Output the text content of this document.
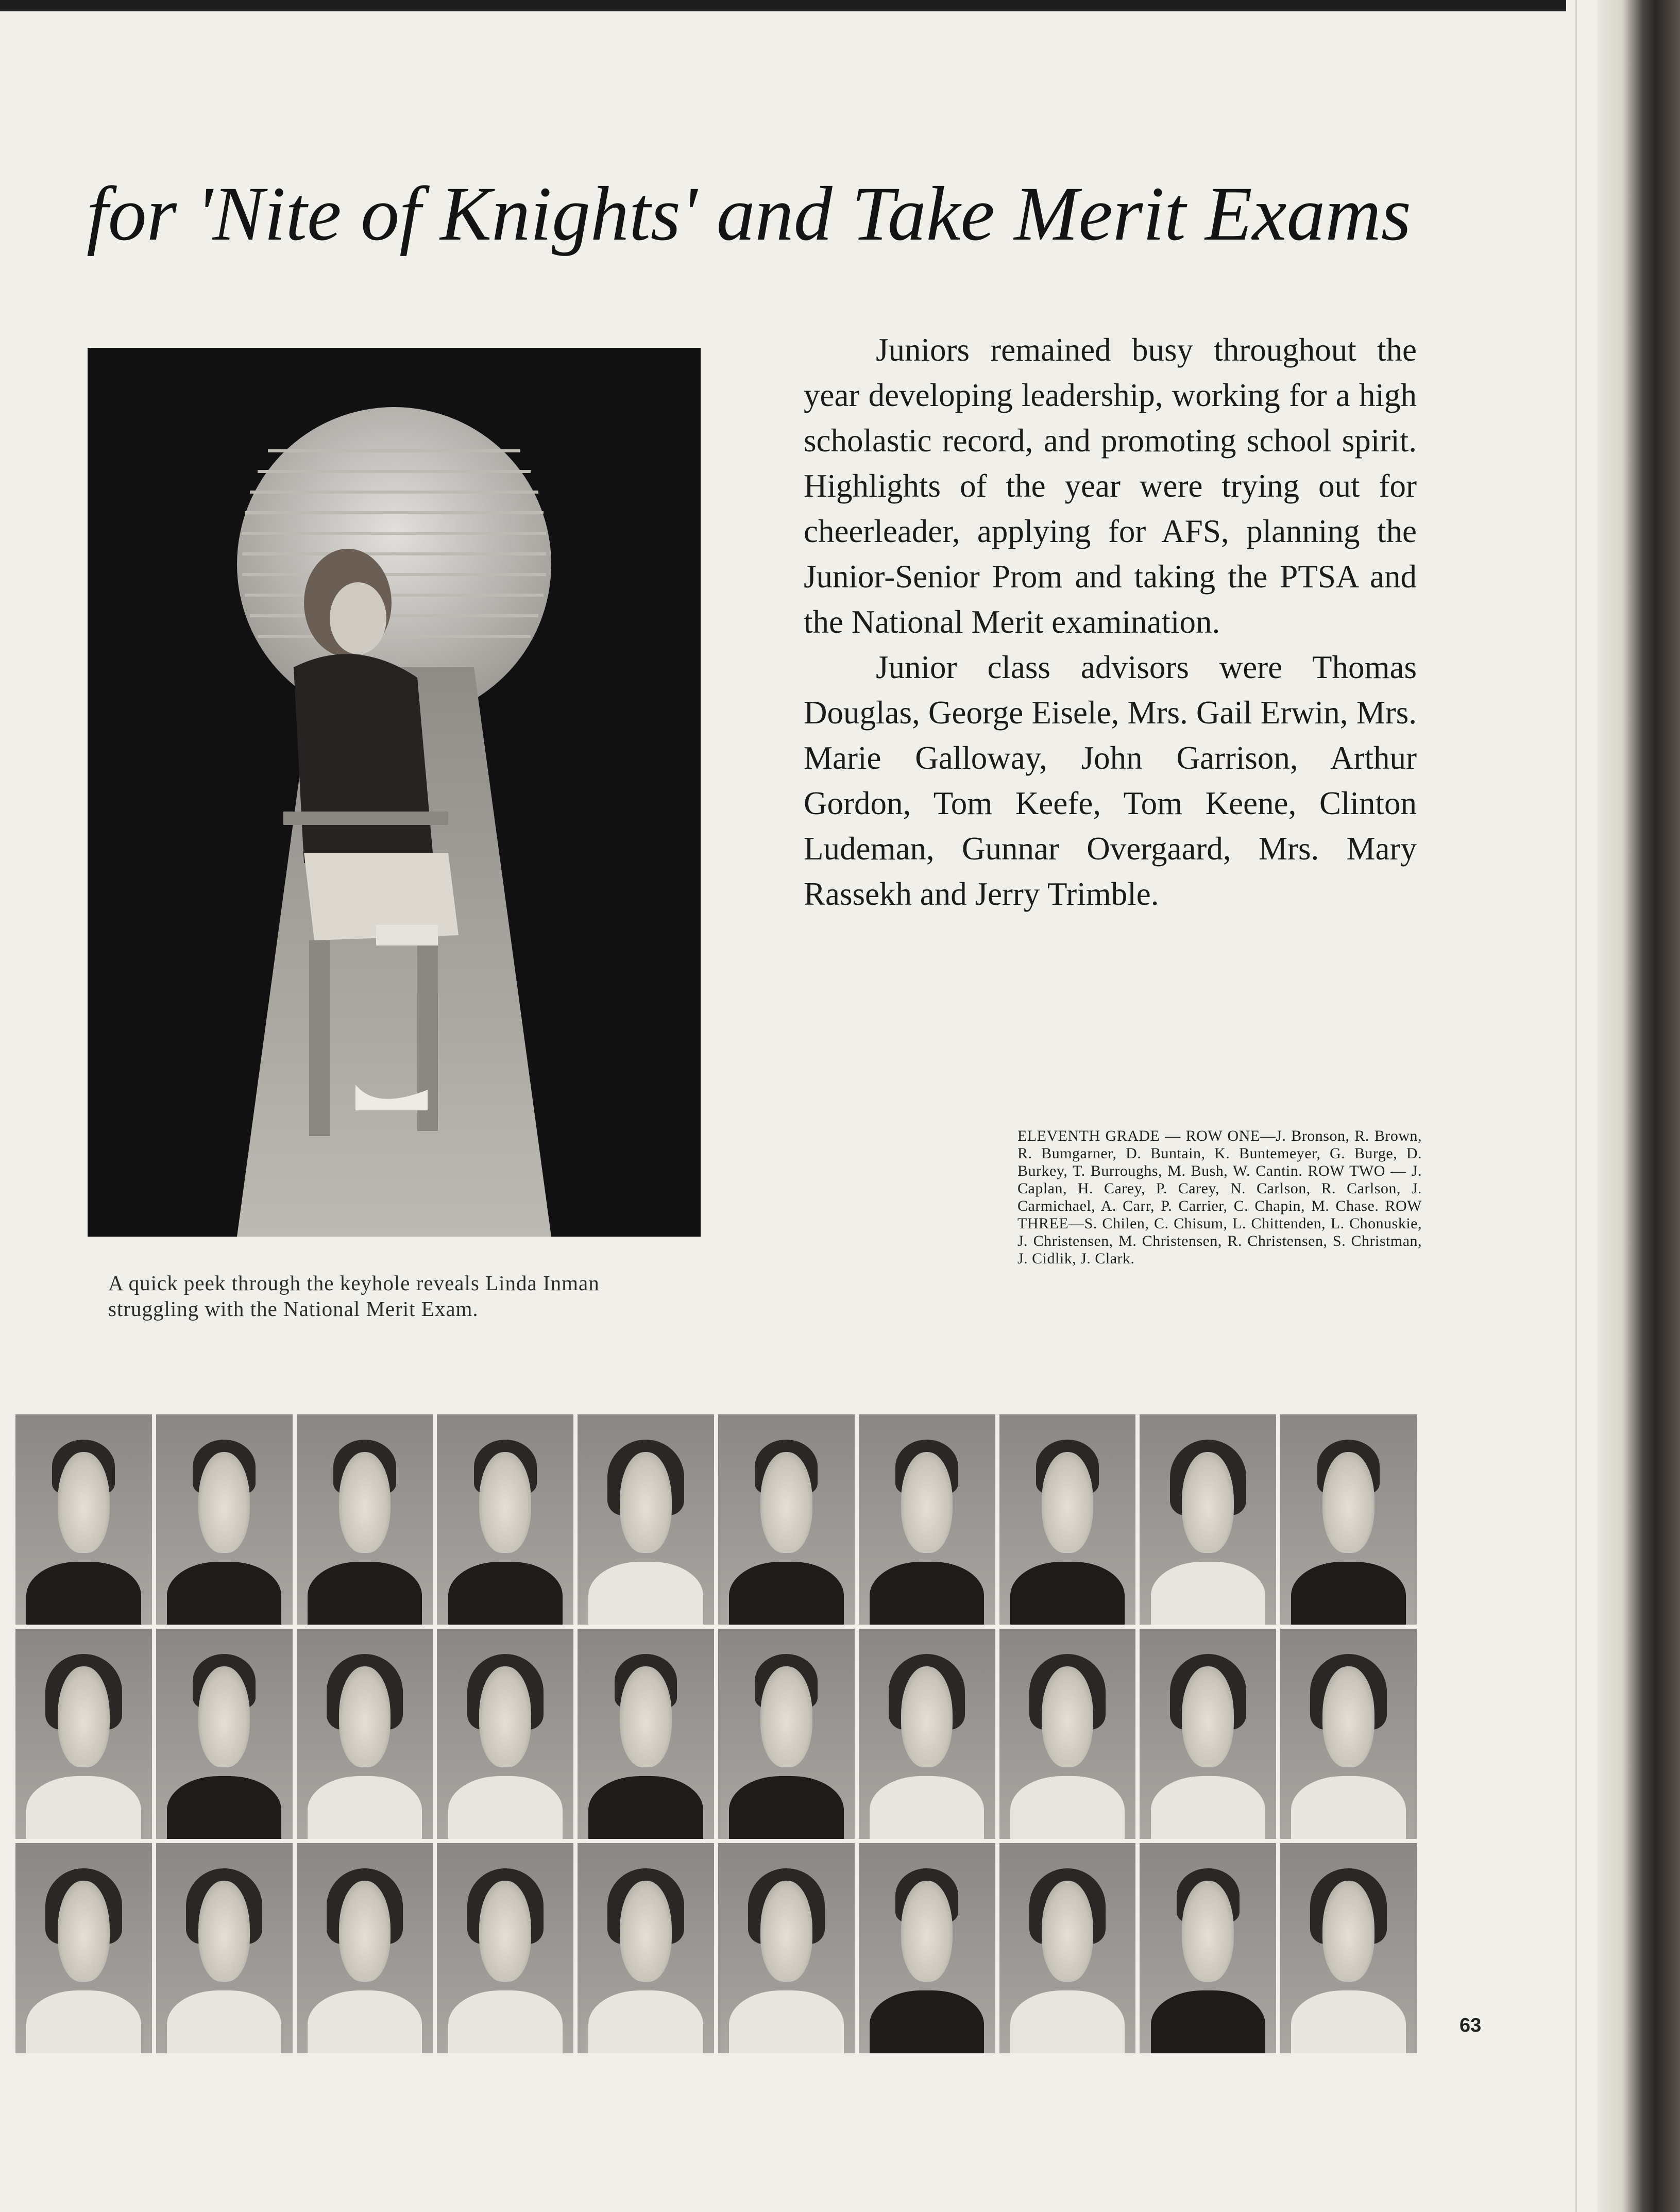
for 'Nite of Knights' and Take Merit Exams
A quick peek through the keyhole reveals Linda Inman struggling with the National Merit Exam.

Juniors remained busy throughout the year developing leadership, working for a high scholastic record, and promoting school spirit. Highlights of the year were trying out for cheerleader, applying for AFS, planning the Junior-Senior Prom and taking the PTSA and the National Merit examination.

Junior class advisors were Thomas Douglas, George Eisele, Mrs. Gail Erwin, Mrs. Marie Galloway, John Garrison, Arthur Gordon, Tom Keefe, Tom Keene, Clinton Ludeman, Gunnar Overgaard, Mrs. Mary Rassekh and Jerry Trimble.

ELEVENTH GRADE — ROW ONE—J. Bronson, R. Brown, R. Bumgarner, D. Buntain, K. Buntemeyer, G. Burge, D. Burkey, T. Burroughs, M. Bush, W. Cantin. ROW TWO — J. Caplan, H. Carey, P. Carey, N. Carlson, R. Carlson, J. Carmichael, A. Carr, P. Carrier, C. Chapin, M. Chase. ROW THREE—S. Chilen, C. Chisum, L. Chittenden, L. Chonuskie, J. Christensen, M. Christensen, R. Christensen, S. Christman, J. Cidlik, J. Clark.
63
